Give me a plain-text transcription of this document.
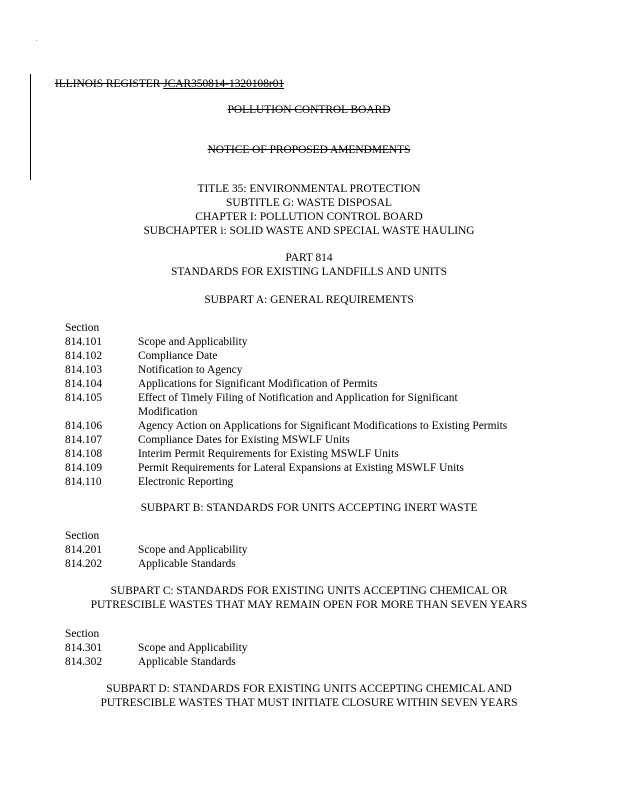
.
ILLINOIS REGISTER JCAR350814-1320108r01
POLLUTION CONTROL BOARD
NOTICE OF PROPOSED AMENDMENTS
TITLE 35: ENVIRONMENTAL PROTECTION
SUBTITLE G: WASTE DISPOSAL
CHAPTER I: POLLUTION CONTROL BOARD
SUBCHAPTER i: SOLID WASTE AND SPECIAL WASTE HAULING
PART 814
STANDARDS FOR EXISTING LANDFILLS AND UNITS
SUBPART A: GENERAL REQUIREMENTS
Section
814.101	Scope and Applicability
814.102	Compliance Date
814.103	Notification to Agency
814.104	Applications for Significant Modification of Permits
814.105	Effect of Timely Filing of Notification and Application for Significant
Modification
814.106	Agency Action on Applications for Significant Modifications to Existing Permits
814.107	Compliance Dates for Existing MSWLF Units
814.108	Interim Permit Requirements for Existing MSWLF Units
814.109	Permit Requirements for Lateral Expansions at Existing MSWLF Units
814.110	Electronic Reporting
SUBPART B: STANDARDS FOR UNITS ACCEPTING INERT WASTE
Section
814.201	Scope and Applicability
814.202	Applicable Standards
SUBPART C: STANDARDS FOR EXISTING UNITS ACCEPTING CHEMICAL OR
PUTRESCIBLE WASTES THAT MAY REMAIN OPEN FOR MORE THAN SEVEN YEARS
Section
814.301	Scope and Applicability
814.302	Applicable Standards
SUBPART D: STANDARDS FOR EXISTING UNITS ACCEPTING CHEMICAL AND
PUTRESCIBLE WASTES THAT MUST INITIATE CLOSURE WITHIN SEVEN YEARS
